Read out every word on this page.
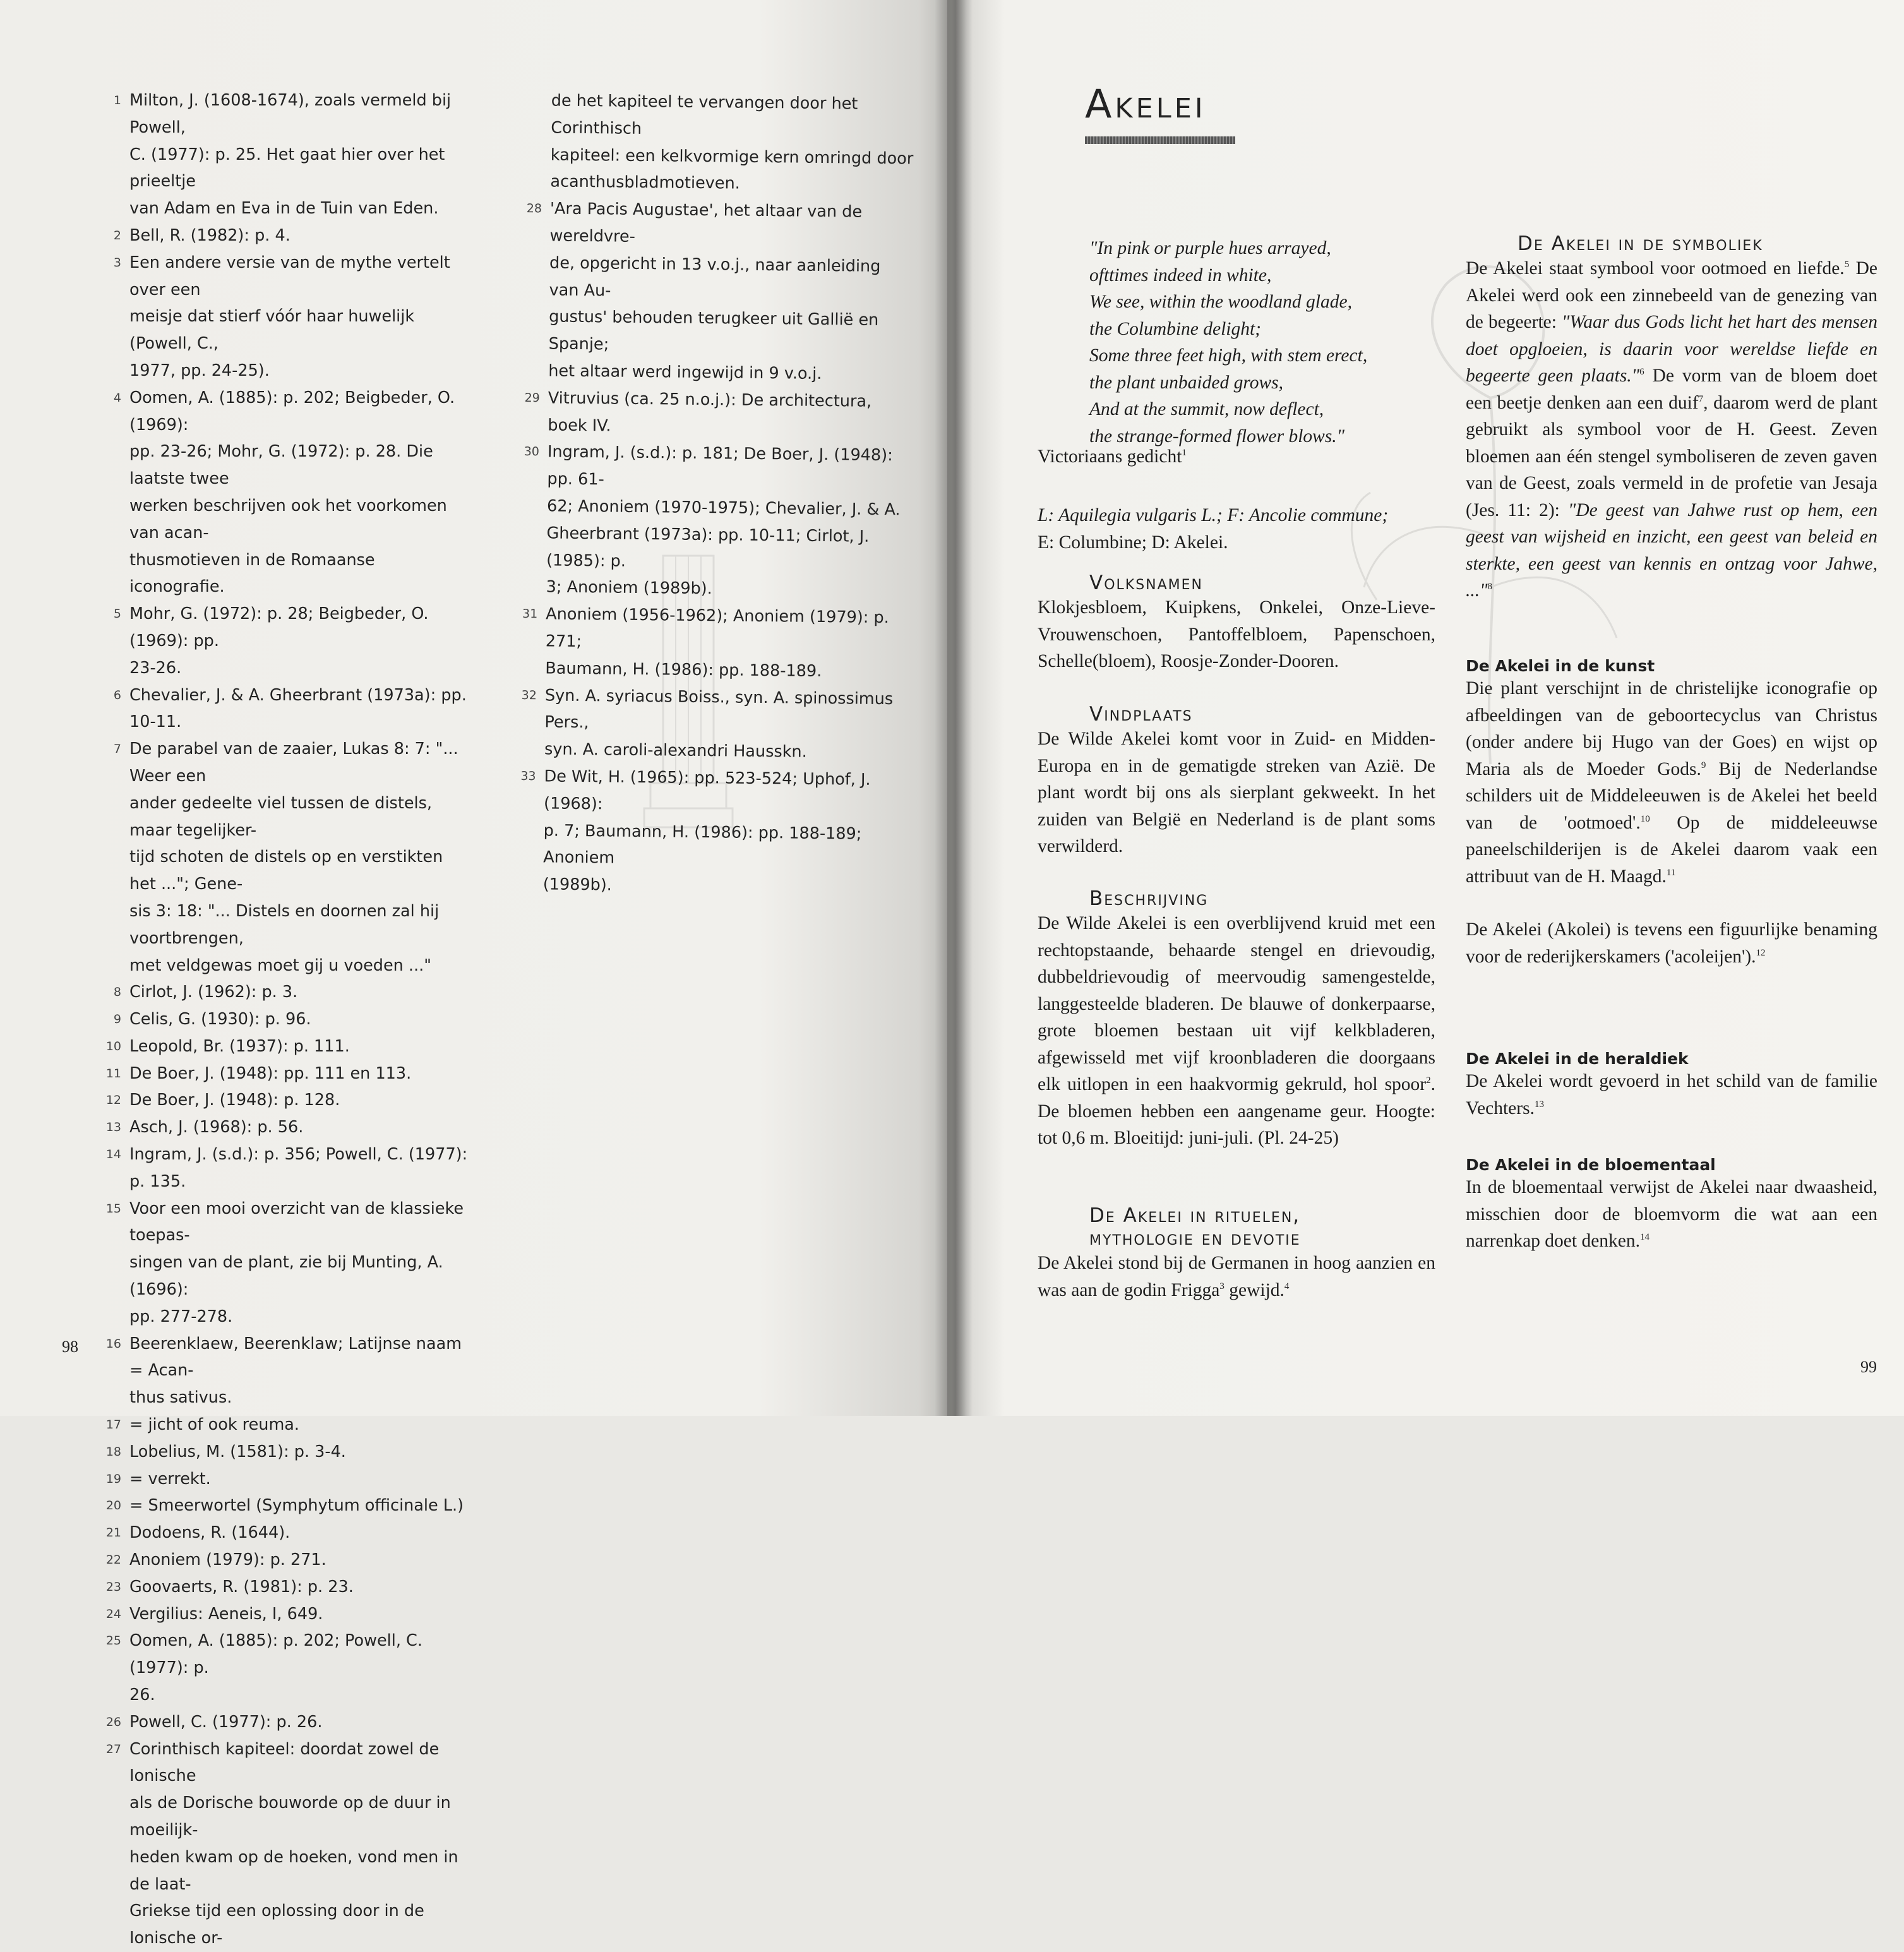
1 Milton, J. (1608-1674), zoals vermeld bij Powell,
C. (1977): p. 25. Het gaat hier over het prieeltje
van Adam en Eva in de Tuin van Eden.
2 Bell, R. (1982): p. 4.
3 Een andere versie van de mythe vertelt over een
meisje dat stierf vóór haar huwelijk (Powell, C.,
1977, pp. 24-25).
4 Oomen, A. (1885): p. 202; Beigbeder, O. (1969):
pp. 23-26; Mohr, G. (1972): p. 28. Die laatste twee
werken beschrijven ook het voorkomen van acan-
thusmotieven in de Romaanse iconografie.
5 Mohr, G. (1972): p. 28; Beigbeder, O. (1969): pp.
23-26.
6 Chevalier, J. & A. Gheerbrant (1973a): pp. 10-11.
7 De parabel van de zaaier, Lukas 8: 7: "... Weer een
ander gedeelte viel tussen de distels, maar tegelijker-
tijd schoten de distels op en verstikten het ..."; Gene-
sis 3: 18: "... Distels en doornen zal hij voortbrengen,
met veldgewas moet gij u voeden ..."
8 Cirlot, J. (1962): p. 3.
9 Celis, G. (1930): p. 96.
10 Leopold, Br. (1937): p. 111.
11 De Boer, J. (1948): pp. 111 en 113.
12 De Boer, J. (1948): p. 128.
13 Asch, J. (1968): p. 56.
14 Ingram, J. (s.d.): p. 356; Powell, C. (1977): p. 135.
15 Voor een mooi overzicht van de klassieke toepas-
singen van de plant, zie bij Munting, A. (1696):
pp. 277-278.
16 Beerenklaew, Beerenklaw; Latijnse naam = Acan-
thus sativus.
17 = jicht of ook reuma.
18 Lobelius, M. (1581): p. 3-4.
19 = verrekt.
20 = Smeerwortel (Symphytum officinale L.)
21 Dodoens, R. (1644).
22 Anoniem (1979): p. 271.
23 Goovaerts, R. (1981): p. 23.
24 Vergilius: Aeneis, I, 649.
25 Oomen, A. (1885): p. 202; Powell, C. (1977): p.
26.
26 Powell, C. (1977): p. 26.
27 Corinthisch kapiteel: doordat zowel de Ionische
als de Dorische bouworde op de duur in moeilijk-
heden kwam op de hoeken, vond men in de laat-
Griekse tijd een oplossing door in de Ionische or-
de het kapiteel te vervangen door het Corinthisch
kapiteel: een kelkvormige kern omringd door
acanthusbladmotieven.
28 'Ara Pacis Augustae', het altaar van de wereldvre-
de, opgericht in 13 v.o.j., naar aanleiding van Au-
gustus' behouden terugkeer uit Gallië en Spanje;
het altaar werd ingewijd in 9 v.o.j.
29 Vitruvius (ca. 25 n.o.j.): De architectura, boek IV.
30 Ingram, J. (s.d.): p. 181; De Boer, J. (1948): pp. 61-
62; Anoniem (1970-1975); Chevalier, J. & A.
Gheerbrant (1973a): pp. 10-11; Cirlot, J. (1985): p.
3; Anoniem (1989b).
31 Anoniem (1956-1962); Anoniem (1979): p. 271;
Baumann, H. (1986): pp. 188-189.
32 Syn. A. syriacus Boiss., syn. A. spinossimus Pers.,
syn. A. caroli-alexandri Hausskn.
33 De Wit, H. (1965): pp. 523-524; Uphof, J. (1968):
p. 7; Baumann, H. (1986): pp. 188-189; Anoniem
(1989b).
98
Akelei
"In pink or purple hues arrayed,
ofttimes indeed in white,
We see, within the woodland glade,
the Columbine delight;
Some three feet high, with stem erect,
the plant unbaided grows,
And at the summit, now deflect,
the strange-formed flower blows."
Victoriaans gedicht$^1$
L: Aquilegia vulgaris L.; F: Ancolie commune;
E: Columbine; D: Akelei.
Volksnamen
Klokjesbloem, Kuipkens, Onkelei, Onze-Lieve-Vrouwenschoen, Pantoffelbloem, Papenschoen, Schelle(bloem), Roosje-Zonder-Dooren.
Vindplaats
De Wilde Akelei komt voor in Zuid- en Midden-Europa en in de gematigde streken van Azië. De plant wordt bij ons als sierplant gekweekt. In het zuiden van België en Nederland is de plant soms verwilderd.
Beschrijving
De Wilde Akelei is een overblijvend kruid met een rechtopstaande, behaarde stengel en drievoudig, dubbeldrievoudig of meervoudig samengestelde, langgesteelde bladeren. De blauwe of donkerpaarse, grote bloemen bestaan uit vijf kelkbladeren, afgewisseld met vijf kroonbladeren die doorgaans elk uitlopen in een haakvormig gekruld, hol spoor$^2$. De bloemen hebben een aangename geur. Hoogte: tot 0,6 m. Bloeitijd: juni-juli. (Pl. 24-25)
De Akelei in rituelen,
mythologie en devotie
De Akelei stond bij de Germanen in hoog aanzien en was aan de godin Frigga$^3$ gewijd.$^4$
De Akelei in de symboliek
De Akelei staat symbool voor ootmoed en liefde.$^5$ De Akelei werd ook een zinnebeeld van de genezing van de begeerte: "Waar dus Gods licht het hart des mensen doet opgloeien, is daarin voor wereldse liefde en begeerte geen plaats."$^6$ De vorm van de bloem doet een beetje denken aan een duif$^7$, daarom werd de plant gebruikt als symbool voor de H. Geest. Zeven bloemen aan één stengel symboliseren de zeven gaven van de Geest, zoals vermeld in de profetie van Jesaja (Jes. 11: 2): "De geest van Jahwe rust op hem, een geest van wijsheid en inzicht, een geest van beleid en sterkte, een geest van kennis en ontzag voor Jahwe, ..."$^8$
De Akelei in de kunst
Die plant verschijnt in de christelijke iconografie op afbeeldingen van de geboortecyclus van Christus (onder andere bij Hugo van der Goes) en wijst op Maria als de Moeder Gods.$^9$ Bij de Nederlandse schilders uit de Middeleeuwen is de Akelei het beeld van de 'ootmoed'.$^{10}$ Op de middeleeuwse paneelschilderijen is de Akelei daarom vaak een attribuut van de H. Maagd.$^{11}$
De Akelei (Akolei) is tevens een figuurlijke benaming voor de rederijkerskamers ('acoleijen').$^{12}$
De Akelei in de heraldiek
De Akelei wordt gevoerd in het schild van de familie Vechters.$^{13}$
De Akelei in de bloementaal
In de bloementaal verwijst de Akelei naar dwaasheid, misschien door de bloemvorm die wat aan een narrenkap doet denken.$^{14}$
99
